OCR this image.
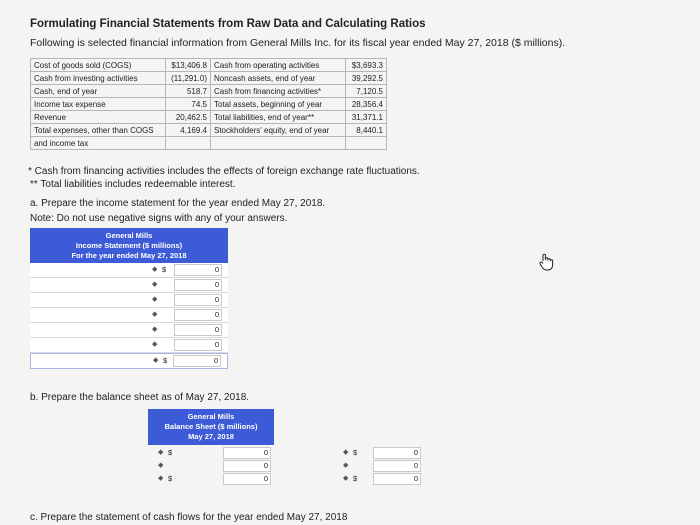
Formulating Financial Statements from Raw Data and Calculating Ratios
Following is selected financial information from General Mills Inc. for its fiscal year ended May 27, 2018 ($ millions).
Cost of goods sold (COGS)	$13,406.8	Cash from operating activities	$3,693.3
Cash from investing activities	(11,291.0)	Noncash assets, end of year	39,292.5
Cash, end of year	518.7	Cash from financing activities*	7,120.5
Income tax expense	74.5	Total assets, beginning of year	28,356.4
Revenue	20,462.5	Total liabilities, end of year**	31,371.1
Total expenses, other than COGS	4,169.4	Stockholders' equity, end of year	8,440.1
and income tax			
* Cash from financing activities includes the effects of foreign exchange rate fluctuations.
** Total liabilities includes redeemable interest.
a. Prepare the income statement for the year ended May 27, 2018.
Note: Do not use negative signs with any of your answers.
General Mills
Income Statement ($ millions)
For the year ended May 27, 2018
◆ $	0
◆	0
◆	0
◆	0
◆	0
◆	0
◆ $	0
b. Prepare the balance sheet as of May 27, 2018.
General Mills
Balance Sheet ($ millions)
May 27, 2018
◆ $	0	◆ $	0
◆	0	◆	0
◆ $	0	◆ $	0
c. Prepare the statement of cash flows for the year ended May 27, 2018
